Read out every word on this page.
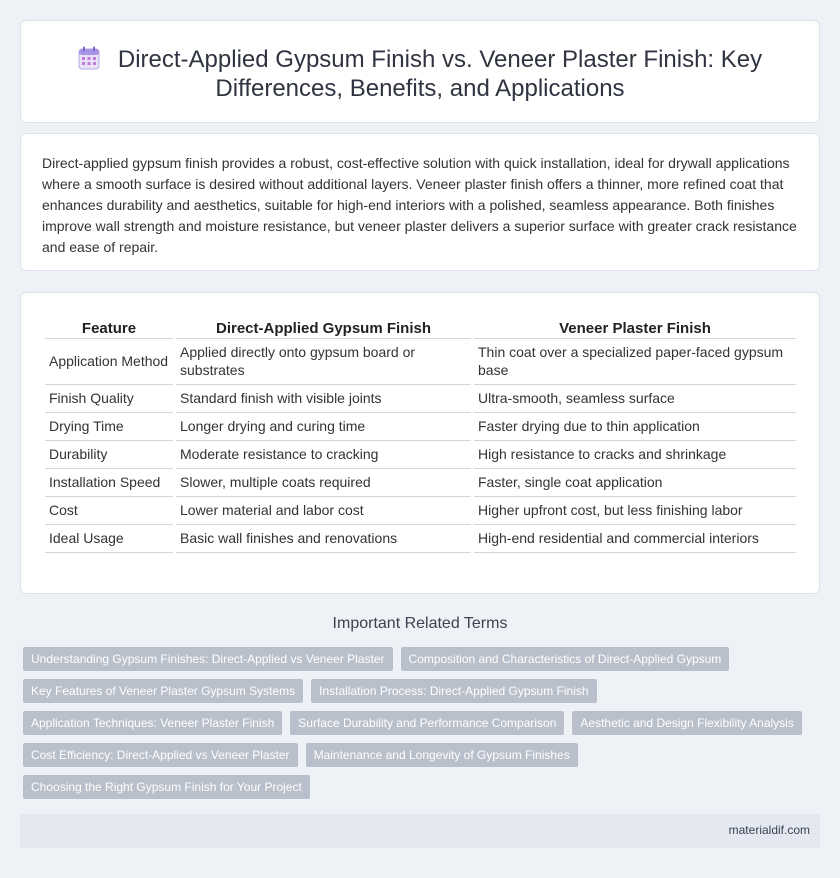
Direct-Applied Gypsum Finish vs. Veneer Plaster Finish: Key
Differences, Benefits, and Applications

Direct-applied gypsum finish provides a robust, cost-effective solution with quick installation, ideal for drywall applications where a smooth surface is desired without additional layers. Veneer plaster finish offers a thinner, more refined coat that enhances durability and aesthetics, suitable for high-end interiors with a polished, seamless appearance. Both finishes improve wall strength and moisture resistance, but veneer plaster delivers a superior surface with greater crack resistance and ease of repair.

Feature	Direct-Applied Gypsum Finish	Veneer Plaster Finish
Application Method	Applied directly onto gypsum board or substrates	Thin coat over a specialized paper-faced gypsum base
Finish Quality	Standard finish with visible joints	Ultra-smooth, seamless surface
Drying Time	Longer drying and curing time	Faster drying due to thin application
Durability	Moderate resistance to cracking	High resistance to cracks and shrinkage
Installation Speed	Slower, multiple coats required	Faster, single coat application
Cost	Lower material and labor cost	Higher upfront cost, but less finishing labor
Ideal Usage	Basic wall finishes and renovations	High-end residential and commercial interiors
Important Related Terms
Understanding Gypsum Finishes: Direct-Applied vs Veneer Plaster	Composition and Characteristics of Direct-Applied Gypsum
Key Features of Veneer Plaster Gypsum Systems	Installation Process: Direct-Applied Gypsum Finish
Application Techniques: Veneer Plaster Finish	Surface Durability and Performance Comparison	Aesthetic and Design Flexibility Analysis
Cost Efficiency: Direct-Applied vs Veneer Plaster	Maintenance and Longevity of Gypsum Finishes
Choosing the Right Gypsum Finish for Your Project
materialdif.com
